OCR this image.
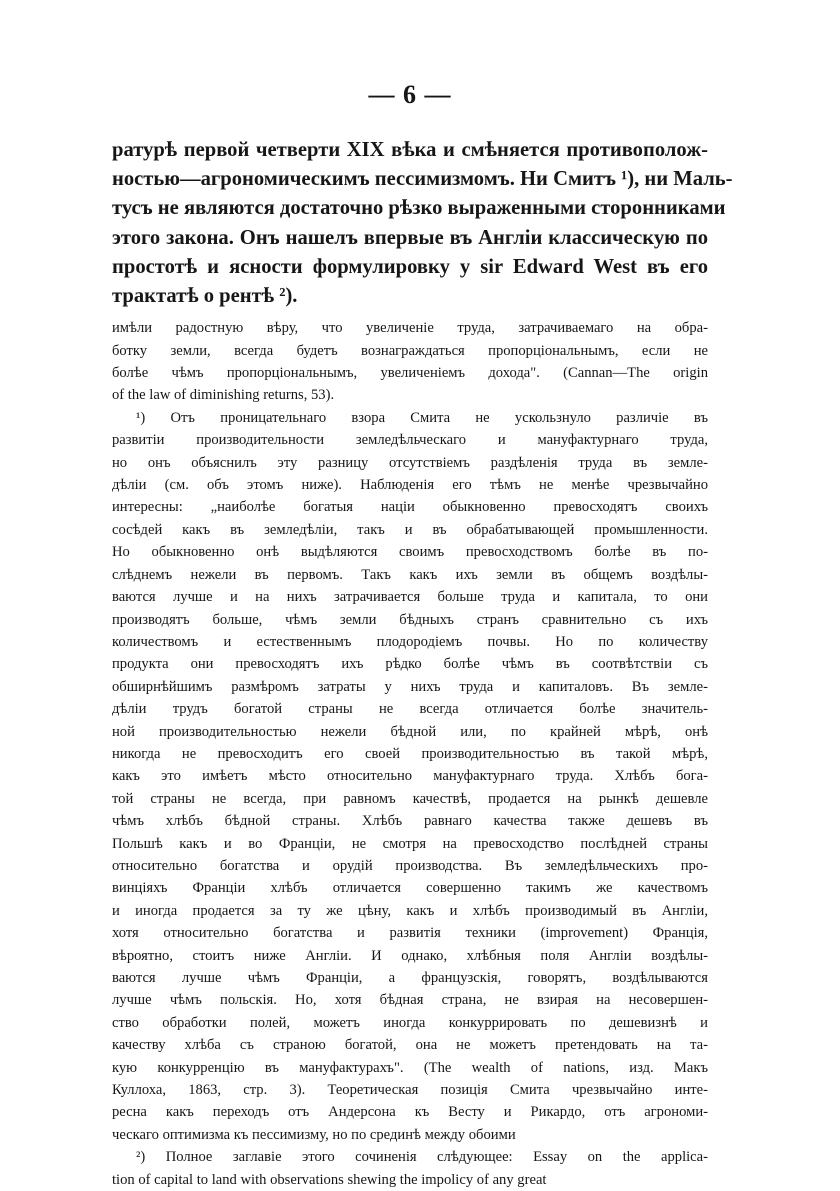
— 6 —
ратурѣ первой четверти XIX вѣка и смѣняется противополож-
ностью—агрономическимъ пессимизмомъ. Ни Смитъ ¹), ни Маль-
тусъ не являются достаточно рѣзко выраженными сторонниками
этого закона. Онъ нашелъ впервые въ Англіи классическую по
простотѣ и ясности формулировку у sir Edward West въ его
трактатѣ о рентѣ ²).
имѣли радостную вѣру, что увеличеніе труда, затрачиваемаго на обра-
ботку земли, всегда будетъ вознаграждаться пропорціональнымъ, если не
болѣе чѣмъ пропорціональнымъ, увеличеніемъ дохода". (Cannan—The origin
of the law of diminishing returns, 53).
¹) Отъ проницательнаго взора Смита не ускользнуло различіе въ
развитіи производительности земледѣльческаго и мануфактурнаго труда,
но онъ объяснилъ эту разницу отсутствіемъ раздѣленія труда въ земле-
дѣліи (см. объ этомъ ниже). Наблюденія его тѣмъ не менѣе чрезвычайно
интересны: „наиболѣе богатыя націи обыкновенно превосходятъ своихъ
сосѣдей какъ въ земледѣліи, такъ и въ обрабатывающей промышленности.
Но обыкновенно онѣ выдѣляются своимъ превосходствомъ болѣе въ по-
слѣднемъ нежели въ первомъ. Такъ какъ ихъ земли въ общемъ воздѣлы-
ваются лучше и на нихъ затрачивается больше труда и капитала, то они
производятъ больше, чѣмъ земли бѣдныхъ странъ сравнительно съ ихъ
количествомъ и естественнымъ плодородіемъ почвы. Но по количеству
продукта они превосходятъ ихъ рѣдко болѣе чѣмъ въ соотвѣтствіи съ
обширнѣйшимъ размѣромъ затраты у нихъ труда и капиталовъ. Въ земле-
дѣліи трудъ богатой страны не всегда отличается болѣе значитель-
ной производительностью нежели бѣдной или, по крайней мѣрѣ, онѣ
никогда не превосходитъ его своей производительностью въ такой мѣрѣ,
какъ это имѣетъ мѣсто относительно мануфактурнаго труда. Хлѣбъ бога-
той страны не всегда, при равномъ качествѣ, продается на рынкѣ дешевле
чѣмъ хлѣбъ бѣдной страны. Хлѣбъ равнаго качества также дешевъ въ
Польшѣ какъ и во Франціи, не смотря на превосходство послѣдней страны
относительно богатства и орудій производства. Въ земледѣльческихъ про-
винціяхъ Франціи хлѣбъ отличается совершенно такимъ же качествомъ
и иногда продается за ту же цѣну, какъ и хлѣбъ производимый въ Англіи,
хотя относительно богатства и развитія техники (improvement) Франція,
вѣроятно, стоитъ ниже Англіи. И однако, хлѣбныя поля Англіи воздѣлы-
ваются лучше чѣмъ Франціи, а французскія, говорятъ, воздѣлываются
лучше чѣмъ польскія. Но, хотя бѣдная страна, не взирая на несовершен-
ство обработки полей, можетъ иногда конкуррировать по дешевизнѣ и
качеству хлѣба съ страною богатой, она не можетъ претендовать на та-
кую конкурренцію въ мануфактурахъ". (The wealth of nations, изд. Макъ
Куллоха, 1863, стр. 3). Теоретическая позиція Смита чрезвычайно инте-
ресна какъ переходъ отъ Андерсона къ Весту и Рикардо, отъ агрономи-
ческаго оптимизма къ пессимизму, но по срединѣ между обоими
²) Полное заглавіе этого сочиненія слѣдующее: Essay on the applica-
tion of capital to land with observations shewing the impolicy of any great
